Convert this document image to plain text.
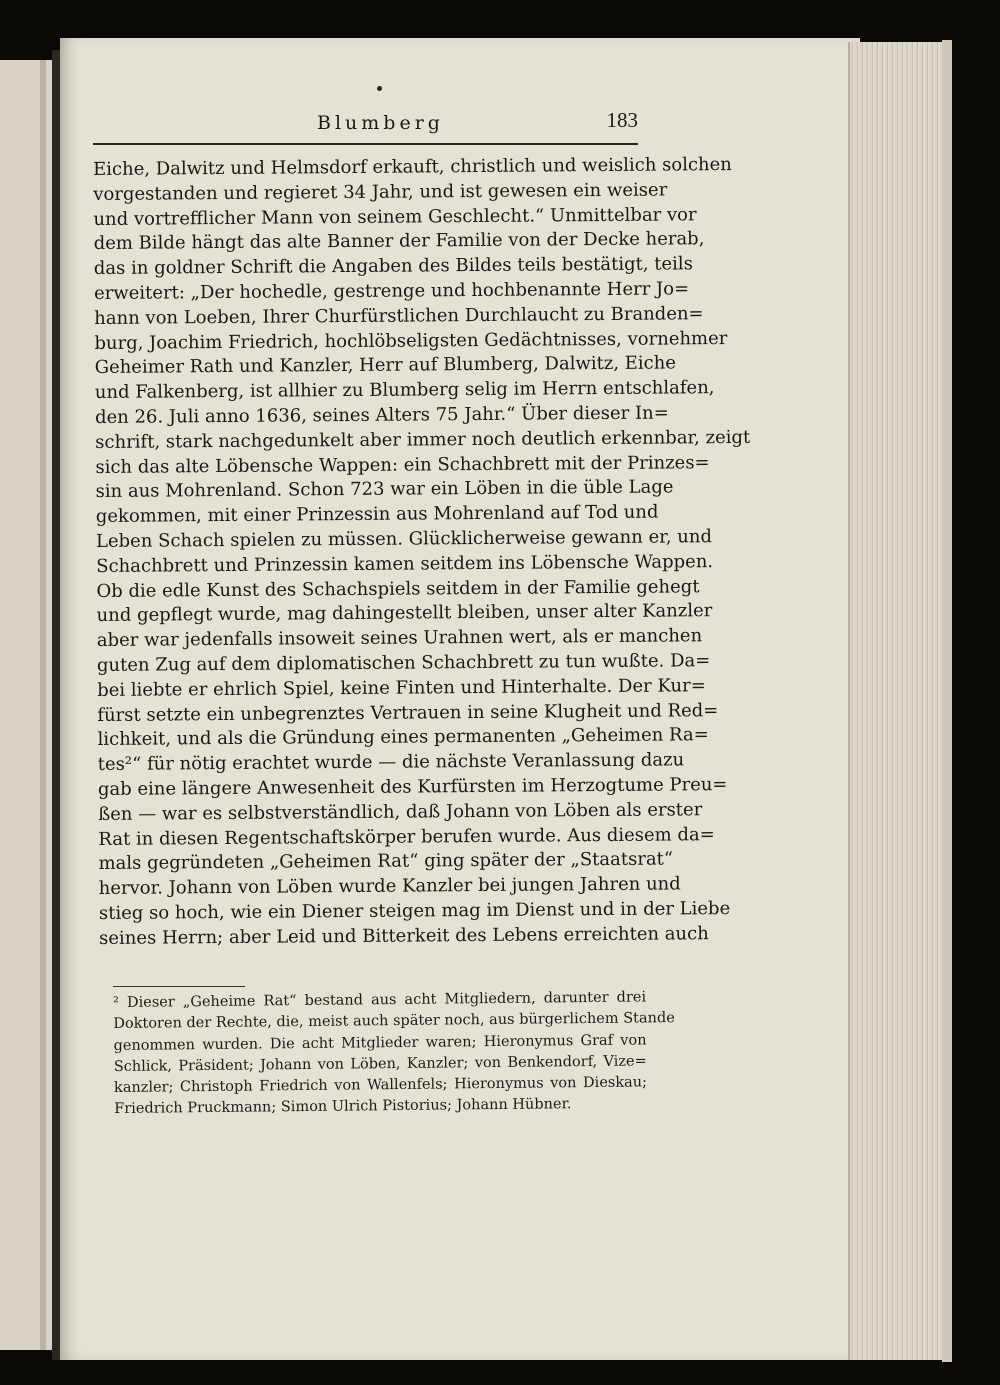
Blumberg	183
Eiche, Dalwitz und Helmsdorf erkauft, christlich und weislich solchen
vorgestanden und regieret 34 Jahr, und ist gewesen ein weiser
und vortrefflicher Mann von seinem Geschlecht.“ Unmittelbar vor
dem Bilde hängt das alte Banner der Familie von der Decke herab,
das in goldner Schrift die Angaben des Bildes teils bestätigt, teils
erweitert: „Der hochedle, gestrenge und hochbenannte Herr Jo=
hann von Loeben, Ihrer Churfürstlichen Durchlaucht zu Branden=
burg, Joachim Friedrich, hochlöbseligsten Gedächtnisses, vornehmer
Geheimer Rath und Kanzler, Herr auf Blumberg, Dalwitz, Eiche
und Falkenberg, ist allhier zu Blumberg selig im Herrn entschlafen,
den 26. Juli anno 1636, seines Alters 75 Jahr.“ Über dieser In=
schrift, stark nachgedunkelt aber immer noch deutlich erkennbar, zeigt
sich das alte Löbensche Wappen: ein Schachbrett mit der Prinzes=
sin aus Mohrenland. Schon 723 war ein Löben in die üble Lage
gekommen, mit einer Prinzessin aus Mohrenland auf Tod und
Leben Schach spielen zu müssen. Glücklicherweise gewann er, und
Schachbrett und Prinzessin kamen seitdem ins Löbensche Wappen.
Ob die edle Kunst des Schachspiels seitdem in der Familie gehegt
und gepflegt wurde, mag dahingestellt bleiben, unser alter Kanzler
aber war jedenfalls insoweit seines Urahnen wert, als er manchen
guten Zug auf dem diplomatischen Schachbrett zu tun wußte. Da=
bei liebte er ehrlich Spiel, keine Finten und Hinterhalte. Der Kur=
fürst setzte ein unbegrenztes Vertrauen in seine Klugheit und Red=
lichkeit, und als die Gründung eines permanenten „Geheimen Ra=
tes²“ für nötig erachtet wurde — die nächste Veranlassung dazu
gab eine längere Anwesenheit des Kurfürsten im Herzogtume Preu=
ßen — war es selbstverständlich, daß Johann von Löben als erster
Rat in diesen Regentschaftskörper berufen wurde. Aus diesem da=
mals gegründeten „Geheimen Rat“ ging später der „Staatsrat“
hervor. Johann von Löben wurde Kanzler bei jungen Jahren und
stieg so hoch, wie ein Diener steigen mag im Dienst und in der Liebe
seines Herrn; aber Leid und Bitterkeit des Lebens erreichten auch
² Dieser „Geheime Rat“ bestand aus acht Mitgliedern, darunter drei
Doktoren der Rechte, die, meist auch später noch, aus bürgerlichem Stande
genommen wurden. Die acht Mitglieder waren; Hieronymus Graf von
Schlick, Präsident; Johann von Löben, Kanzler; von Benkendorf, Vize=
kanzler; Christoph Friedrich von Wallenfels; Hieronymus von Dieskau;
Friedrich Pruckmann; Simon Ulrich Pistorius; Johann Hübner.
